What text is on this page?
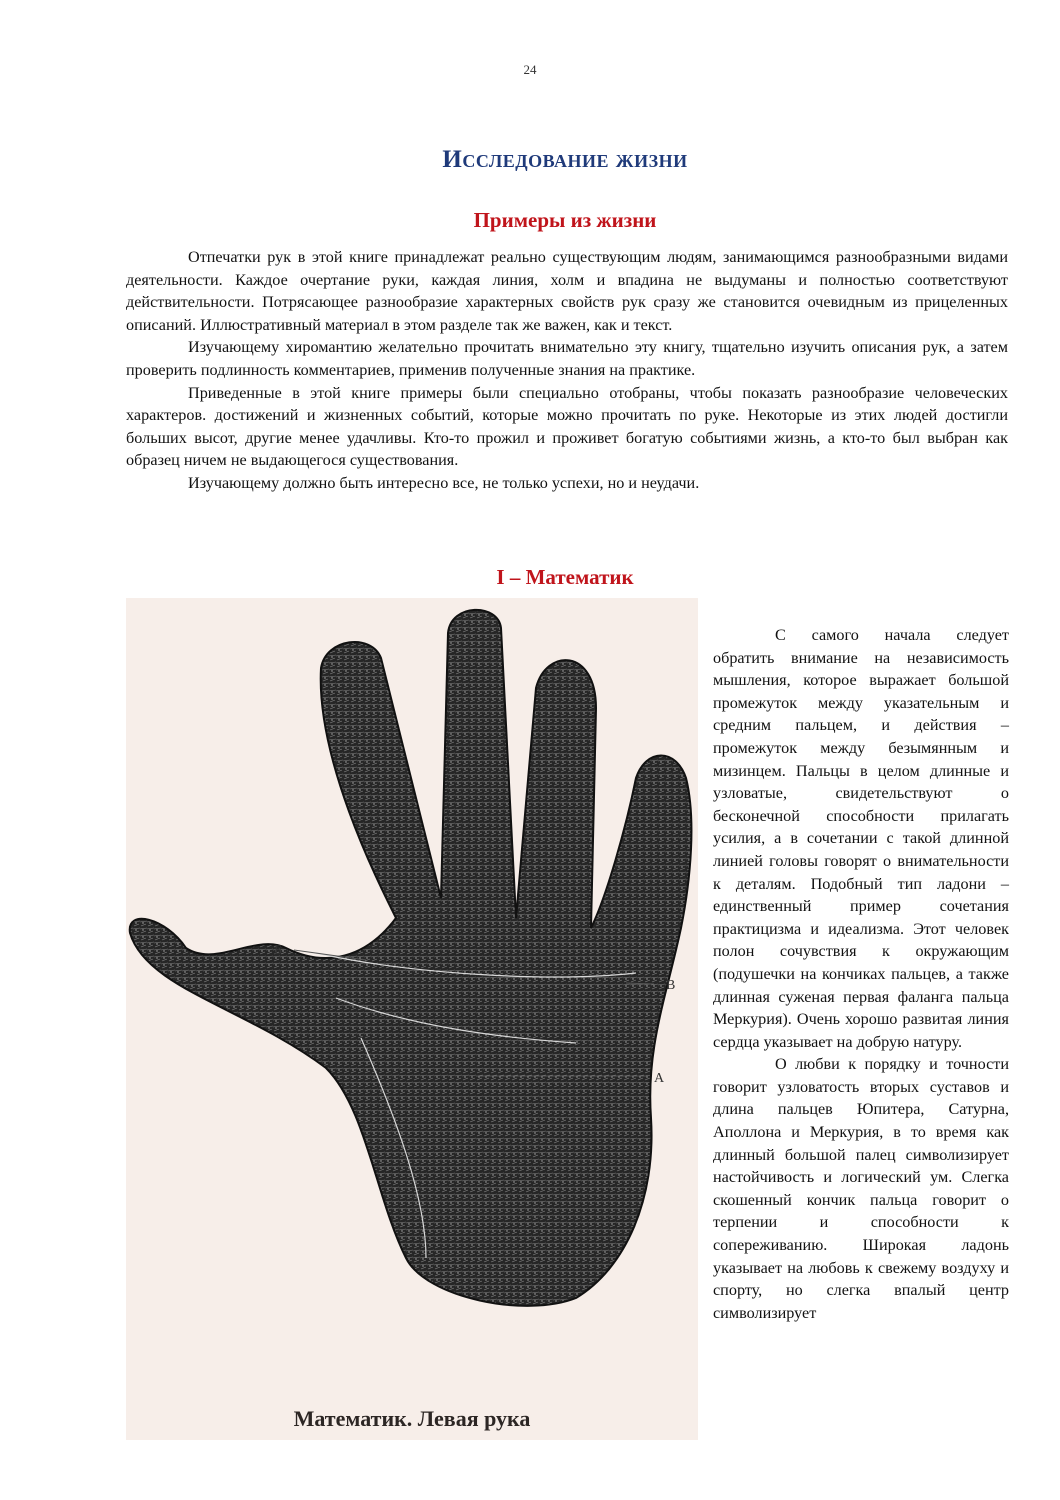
24
Исследование жизни
Примеры из жизни

Отпечатки рук в этой книге принадлежат реально существующим людям, занимающимся разнообразными видами деятельности. Каждое очертание руки, каждая линия, холм и впадина не выдуманы и полностью соответствуют действительности. Потрясающее разнообразие характерных свойств рук сразу же становится очевидным из прицеленных описаний. Иллюстративный материал в этом разделе так же важен, как и текст.

Изучающему хиромантию желательно прочитать внимательно эту книгу, тщательно изучить описания рук, а затем проверить подлинность комментариев, применив полученные знания на практике.

Приведенные в этой книге примеры были специально отобраны, чтобы показать разнообразие человеческих характеров. достижений и жизненных событий, которые можно прочитать по руке. Некоторые из этих людей достигли больших высот, другие менее удачливы. Кто-то прожил и проживет богатую событиями жизнь, а кто-то был выбран как образец ничем не выдающегося существования.

Изучающему должно быть интересно все, не только успехи, но и неудачи.

I – Математик
Б
В
А
Математик. Левая рука

С самого начала следует обратить внимание на независимость мышления, которое выражает большой промежуток между указательным и средним пальцем, и действия – промежуток между безымянным и мизинцем. Пальцы в целом длинные и узловатые, свидетельствуют о бесконечной способности прилагать усилия, а в сочетании с такой длинной линией головы говорят о внимательности к деталям. Подобный тип ладони – единственный пример сочетания практицизма и идеализма. Этот человек полон сочувствия к окружающим (подушечки на кончиках пальцев, а также длинная суженая первая фаланга пальца Меркурия). Очень хорошо развитая линия сердца указывает на добрую натуру.

О любви к порядку и точности говорит узловатость вторых суставов и длина пальцев Юпитера, Сатурна, Аполлона и Меркурия, в то время как длинный большой палец символизирует настойчивость и логический ум. Слегка скошенный кончик пальца говорит о терпении и способности к сопереживанию. Широкая ладонь указывает на любовь к свежему воздуху и спорту, но слегка впалый центр символизирует
